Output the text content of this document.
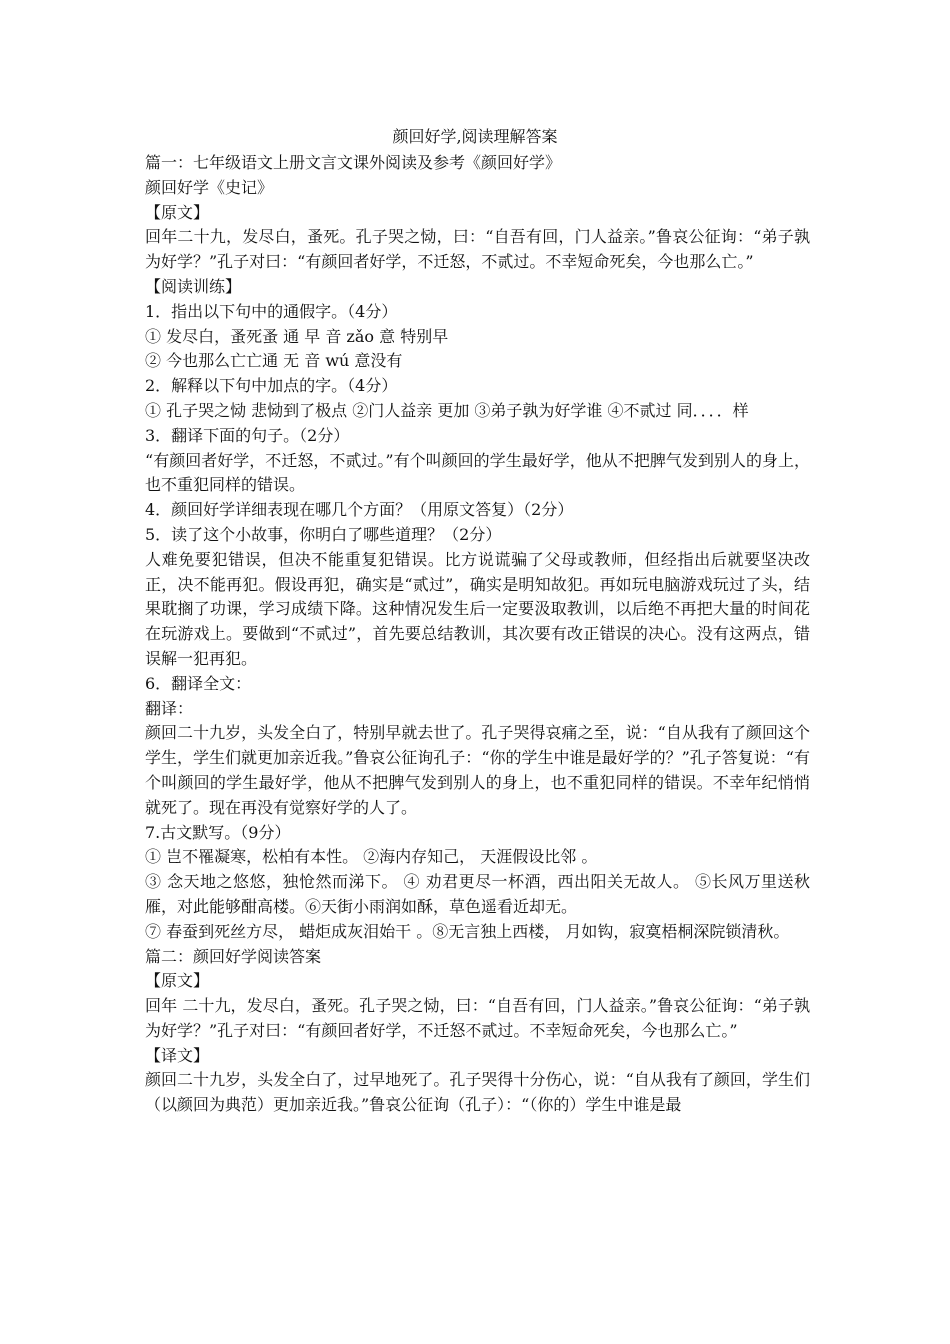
颜回好学,阅读理解答案

篇一：七年级语文上册文言文课外阅读及参考《颜回好学》

颜回好学《史记》

【原文】

回年二十九，发尽白，蚤死。孔子哭之恸，曰：“自吾有回，门人益亲。”鲁哀公征询：“弟子孰为好学？”孔子对曰：“有颜回者好学，不迁怒，不贰过。不幸短命死矣，今也那么亡。”

【阅读训练】

1．指出以下句中的通假字。（4分）

① 发尽白，蚤死蚤 通 早 音 zǎo 意 特别早

② 今也那么亡亡通 无 音 wú 意没有

2．解释以下句中加点的字。（4分）

① 孔子哭之恸 悲恸到了极点 ②门人益亲 更加 ③弟子孰为好学谁 ④不贰过 同．．．．样

3．翻译下面的句子。（2分）

“有颜回者好学，不迁怒，不贰过。”有个叫颜回的学生最好学，他从不把脾气发到别人的身上，也不重犯同样的错误。

4．颜回好学详细表现在哪几个方面？（用原文答复）（2分）

5．读了这个小故事，你明白了哪些道理？（2分）

人难免要犯错误，但决不能重复犯错误。比方说谎骗了父母或教师，但经指出后就要坚决改正，决不能再犯。假设再犯，确实是“贰过”，确实是明知故犯。再如玩电脑游戏玩过了头，结果耽搁了功课，学习成绩下降。这种情况发生后一定要汲取教训，以后绝不再把大量的时间花在玩游戏上。要做到“不贰过”，首先要总结教训，其次要有改正错误的决心。没有这两点，错误解一犯再犯。

6．翻译全文：

翻译：

颜回二十九岁，头发全白了，特别早就去世了。孔子哭得哀痛之至，说：“自从我有了颜回这个学生，学生们就更加亲近我。”鲁哀公征询孔子：“你的学生中谁是最好学的？”孔子答复说：“有个叫颜回的学生最好学，他从不把脾气发到别人的身上，也不重犯同样的错误。不幸年纪悄悄就死了。现在再没有觉察好学的人了。

7.古文默写。（9分）

① 岂不罹凝寒，松柏有本性。 ②海内存知己， 天涯假设比邻 。

③ 念天地之悠悠，独怆然而涕下。 ④ 劝君更尽一杯酒，西出阳关无故人。 ⑤长风万里送秋雁，对此能够酣高楼。⑥天街小雨润如酥，草色遥看近却无。

⑦ 春蚕到死丝方尽， 蜡炬成灰泪始干 。⑧无言独上西楼， 月如钩，寂寞梧桐深院锁清秋。

篇二：颜回好学阅读答案

【原文】

回年 二十九，发尽白，蚤死。孔子哭之恸，曰：“自吾有回，门人益亲。”鲁哀公征询：“弟子孰为好学？”孔子对曰：“有颜回者好学，不迁怒不贰过。不幸短命死矣，今也那么亡。”

【译文】

颜回二十九岁，头发全白了，过早地死了。孔子哭得十分伤心，说：“自从我有了颜回，学生们（以颜回为典范）更加亲近我。”鲁哀公征询（孔子）：“（你的）学生中谁是最
